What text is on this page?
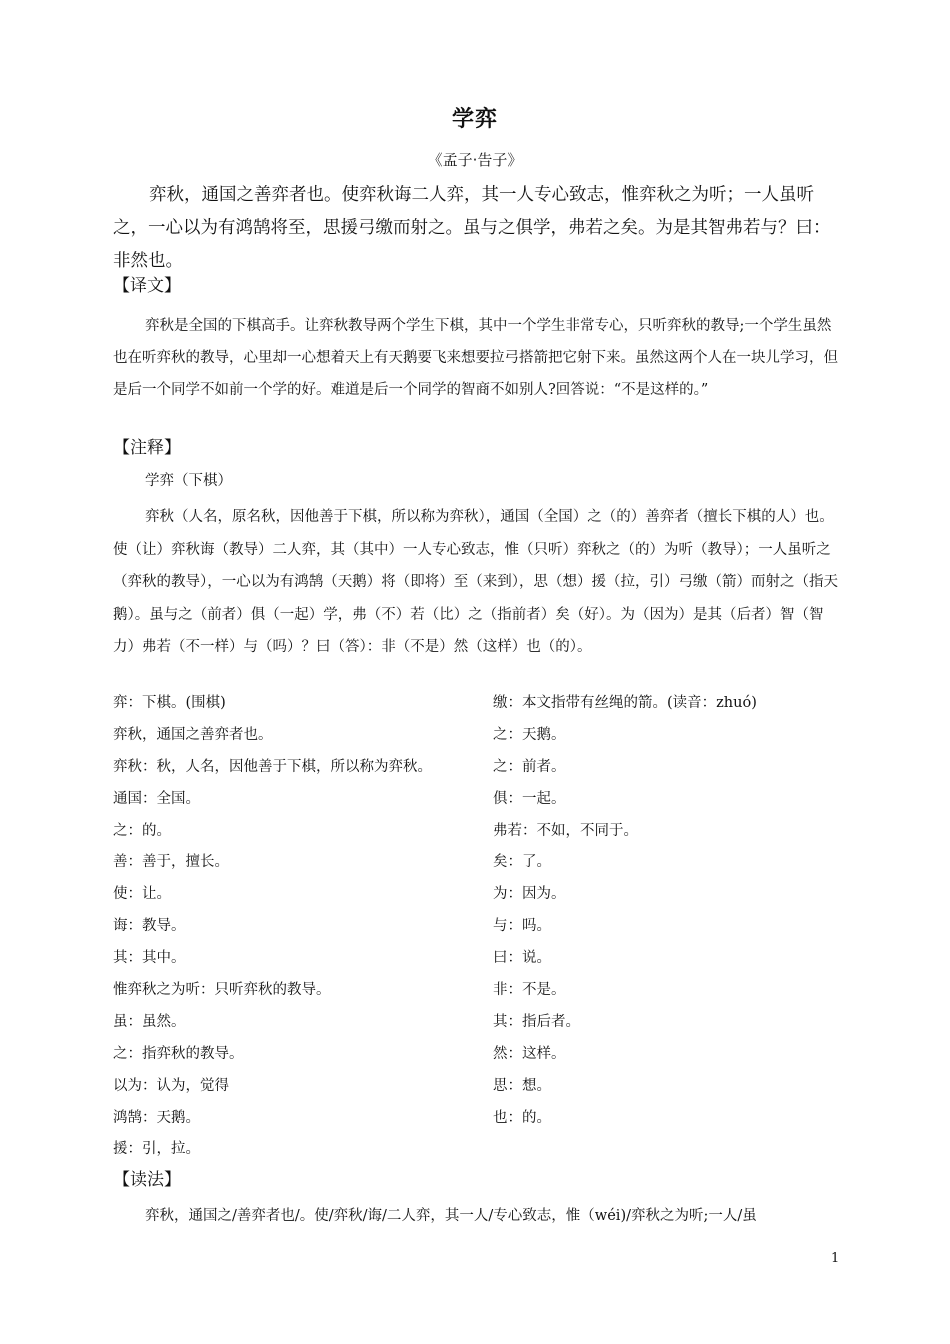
学弈
《孟子·告子》

弈秋，通国之善弈者也。使弈秋诲二人弈，其一人专心致志，惟弈秋之为听；一人虽听之，一心以为有鸿鹄将至，思援弓缴而射之。虽与之俱学，弗若之矣。为是其智弗若与？曰：非然也。

【译文】

弈秋是全国的下棋高手。让弈秋教导两个学生下棋，其中一个学生非常专心，只听弈秋的教导;一个学生虽然也在听弈秋的教导，心里却一心想着天上有天鹅要飞来想要拉弓搭箭把它射下来。虽然这两个人在一块儿学习，但是后一个同学不如前一个学的好。难道是后一个同学的智商不如别人?回答说：“不是这样的。”

【注释】

学弈（下棋）

弈秋（人名，原名秋，因他善于下棋，所以称为弈秋），通国（全国）之（的）善弈者（擅长下棋的人）也。使（让）弈秋诲（教导）二人弈，其（其中）一人专心致志，惟（只听）弈秋之（的）为听（教导）；一人虽听之（弈秋的教导），一心以为有鸿鹄（天鹅）将（即将）至（来到），思（想）援（拉，引）弓缴（箭）而射之（指天鹅）。虽与之（前者）俱（一起）学，弗（不）若（比）之（指前者）矣（好）。为（因为）是其（后者）智（智力）弗若（不一样）与（吗）？曰（答）：非（不是）然（这样）也（的）。

弈：下棋。(围棋)
弈秋，通国之善弈者也。
弈秋：秋，人名，因他善于下棋，所以称为弈秋。
通国：全国。
之：的。
善：善于，擅长。
使：让。
诲：教导。
其：其中。
惟弈秋之为听：只听弈秋的教导。
虽：虽然。
之：指弈秋的教导。
以为：认为，觉得
鸿鹄：天鹅。
援：引，拉。
缴：本文指带有丝绳的箭。(读音：zhuó)
之：天鹅。
之：前者。
俱：一起。
弗若：不如，不同于。
矣：了。
为：因为。
与：吗。
曰：说。
非：不是。
其：指后者。
然：这样。
思：想。
也：的。

【读法】

弈秋，通国之/善弈者也/。使/弈秋/诲/二人弈，其一人/专心致志，惟（wéi)/弈秋之为听;一人/虽

1
